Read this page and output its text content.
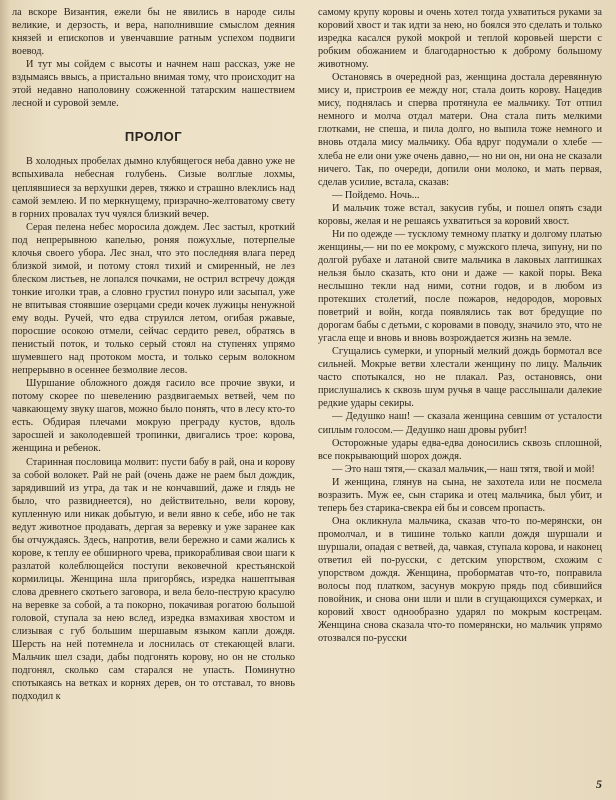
ла вскоре Византия, ежели бы не явились в народе силы великие, и дерзость, и вера, наполнившие смыслом деяния князей и епископов и увенчавшие ратным успехом подвиги воевод.

И тут мы сойдем с высоты и начнем наш рассказ, уже не вздымаясь ввысь, а пристально внимая тому, что происходит на этой недавно наполовину сожженной татарским нашествием лесной и суровой земле.

ПРОЛОГ

В холодных пробелах дымно клубящегося неба давно уже не вспыхивала небесная голубень. Сизые волглые лохмы, цеплявшиеся за верхушки дерев, тяжко и страшно влеклись над самой землею. И по меркнущему, призрачно-желтоватому свету в горних провалах туч чуялся близкий вечер.

Серая пелена небес моросила дождем. Лес застыл, кроткий под непрерывною капелью, роняя пожухлые, потерпелые клочья своего убора. Лес знал, что это последняя влага перед близкой зимой, и потому стоял тихий и смиренный, не лез блеском листьев, не лопался почками, не острил встречу дождя тонкие иголки трав, а словно грустил понуро или засыпал, уже не впитывая стоявшие озерцами среди кочек лужицы ненужной ему воды. Ручей, что едва струился летом, огибая ржавые, поросшие осокою отмели, сейчас сердито ревел, обратясь в пенистый поток, и только серый стоял на ступенях упрямо шумевшего над протоком моста, и только серым волокном непрерывно в осеннее безмолвие лесов.

Шуршание обложного дождя гасило все прочие звуки, и потому скорее по шевелению раздвигаемых ветвей, чем по чавкающему звуку шагов, можно было понять, что в лесу кто-то есть. Обдирая плечами мокрую преграду кустов, вдоль заросшей и заколодевшей тропинки, двигались трое: корова, женщина и ребенок.

Старинная пословица молвит: пусти бабу в рай, она и корову за собой волокет. Рай не рай (очень даже не раем был дождик, зарядивший из утра, да так и не кончавший, даже и глядь не было, что развиднеется), но действительно, вели корову, купленную или никак добытую, и вели явно к себе, ибо не так ведут животное продавать, дергая за веревку и уже заранее как бы отчуждаясь. Здесь, напротив, вели бережно и сами жались к корове, к теплу ее обширного чрева, прикорабливая свои шаги к разлатой колеблющейся поступи вековечной крестьянской кормилицы. Женщина шла пригорбясь, изредка нашептывая слова древнего скотьего заговора, и вела бело-пеструю красулю на веревке за собой, а та покорно, покачивая рогатою большой головой, ступала за нею вслед, изредка взмахивая хвостом и слизывая с губ большим шершавым языком капли дождя. Шерсть на ней потемнела и лоснилась от стекающей влаги. Мальчик шел сзади, дабы подгонять корову, но он не столько подгонял, сколько сам старался не упасть. Поминутно спотыкаясь на ветках и корнях дерев, он то отставал, то вновь подходил к

самому крупу коровы и очень хотел тогда ухватиться руками за коровий хвост и так идти за нею, но боялся это сделать и только изредка касался рукой мокрой и теплой коровьей шерсти с робким обожанием и благодарностью к доброму большому животному.

Остановясь в очередной раз, женщина достала деревянную мису и, пристроив ее между ног, стала доить корову. Нацедив мису, поднялась и сперва протянула ее мальчику. Тот отпил немного и молча отдал матери. Она стала пить мелкими глотками, не спеша, и пила долго, но выпила тоже немного и вновь отдала мису мальчику. Оба вдруг подумали о хлебе — хлеба не ели они уже очень давно,— но ни он, ни она не сказали ничего. Так, по очереди, допили они молоко, и мать первая, сделав усилие, встала, сказав:

— Пойдемо. Ночь...

И мальчик тоже встал, закусив губы, и пошел опять сзади коровы, желая и не решаясь ухватиться за коровий хвост.

Ни по одежде — тусклому темному платку и долгому платью женщины,— ни по ее мокрому, с мужского плеча, зипуну, ни по долгой рубахе и латаной свите мальчика в лаковых лаптишках нельзя было сказать, кто они и даже — какой поры. Века неслышно текли над ними, сотни годов, и в любом из протекших столетий, после пожаров, недородов, моровых поветрий и войн, когда появлялись так вот бредущие по дорогам бабы с детьми, с коровами в поводу, значило это, что не угасла еще и вновь и вновь возрождается жизнь на земле.

Сгущались сумерки, и упорный мелкий дождь бормотал все сильней. Мокрые ветви хлестали женщину по лицу. Мальчик часто спотыкался, но не плакал. Раз, остановясь, они прислушались к сквозь шум ручья в чаще расслышали далекие редкие удары секиры.

— Дедушко наш! — сказала женщина севшим от усталости сиплым голосом.— Дедушко наш дровы рубит!

Осторожные удары едва-едва доносились сквозь сплошной, все покрывающий шорох дождя.

— Это наш тятя,— сказал мальчик,— наш тятя, твой и мой!

И женщина, глянув на сына, не захотела или не посмела возразить. Муж ее, сын старика и отец мальчика, был убит, и теперь без старика-свекра ей бы и совсем пропасть.

Она окликнула мальчика, сказав что-то по-мерянски, он промолчал, и в тишине только капли дождя шуршали и шуршали, опадая с ветвей, да, чавкая, ступала корова, и наконец ответил ей по-русски, с детским упорством, схожим с упорством дождя. Женщина, проборматав что-то, поправила волосы под платком, засунув мокрую прядь под сбившийся повойник, и снова они шли и шли в сгущающихся сумерках, и коровий хвост однообразно ударял по мокрым кострецам. Женщина снова сказала что-то померянски, но мальчик упрямо отозвался по-русски

5
